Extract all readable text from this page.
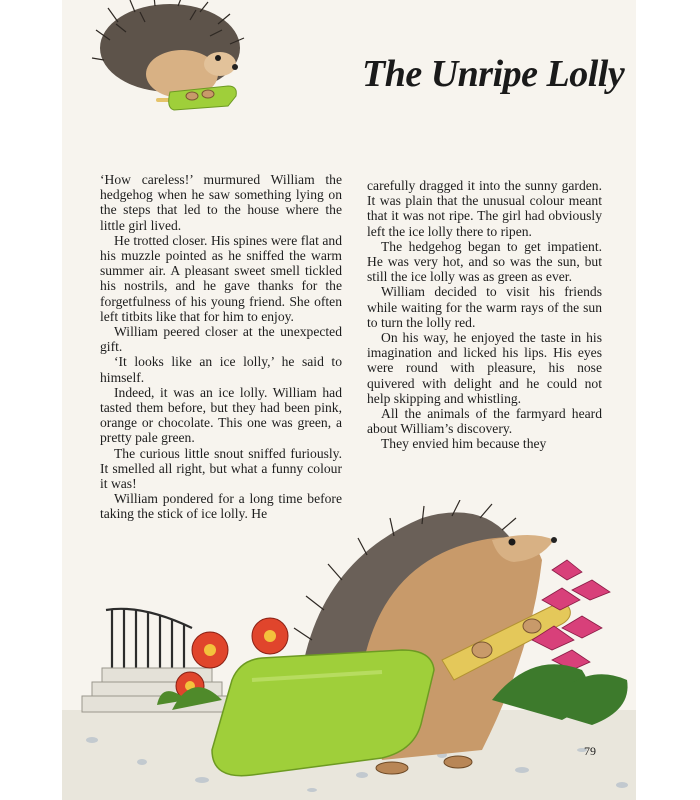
The Unripe Lolly

‘How careless!’ murmured William the hedgehog when he saw something lying on the steps that led to the house where the little girl lived.

He trotted closer. His spines were flat and his muzzle pointed as he sniffed the warm summer air. A pleasant sweet smell tickled his nostrils, and he gave thanks for the forgetfulness of his young friend. She often left titbits like that for him to enjoy.

William peered closer at the unexpected gift.

‘It looks like an ice lolly,’ he said to himself.

Indeed, it was an ice lolly. William had tasted them before, but they had been pink, orange or chocolate. This one was green, a pretty pale green.

The curious little snout sniffed furiously. It smelled all right, but what a funny colour it was!

William pondered for a long time before taking the stick of ice lolly. He

carefully dragged it into the sunny garden. It was plain that the unusual colour meant that it was not ripe. The girl had obviously left the ice lolly there to ripen.

The hedgehog began to get impatient. He was very hot, and so was the sun, but still the ice lolly was as green as ever.

William decided to visit his friends while waiting for the warm rays of the sun to turn the lolly red.

On his way, he enjoyed the taste in his imagination and licked his lips. His eyes were round with pleasure, his nose quivered with delight and he could not help skipping and whistling.

All the animals of the farmyard heard about William’s discovery.

They envied him because they

79
